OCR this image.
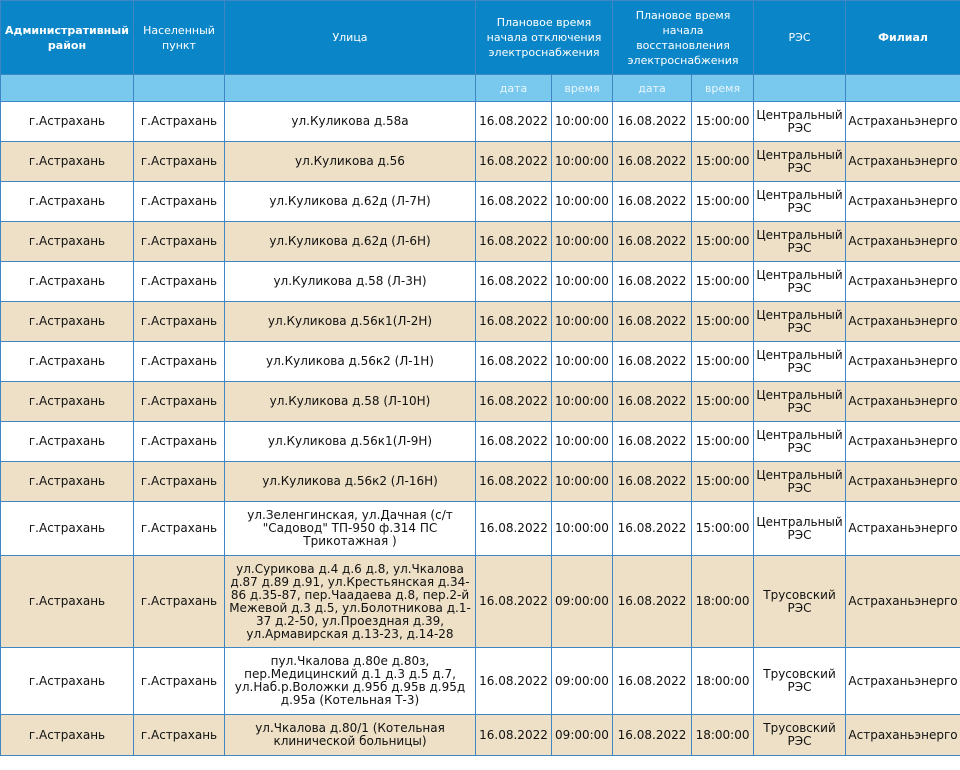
Административный район	Населенный пункт	Улица	Плановое время начала отключения электроснабжения		Плановое время начала восстановления электроснабжения		РЭС	Филиал
			дата	время	дата	время		
г.Астрахань	г.Астрахань	ул.Куликова д.58а	16.08.2022	10:00:00	16.08.2022	15:00:00	Центральный РЭС	Астраханьэнерго
г.Астрахань	г.Астрахань	ул.Куликова д.56	16.08.2022	10:00:00	16.08.2022	15:00:00	Центральный РЭС	Астраханьэнерго
г.Астрахань	г.Астрахань	ул.Куликова д.62д (Л-7Н)	16.08.2022	10:00:00	16.08.2022	15:00:00	Центральный РЭС	Астраханьэнерго
г.Астрахань	г.Астрахань	ул.Куликова д.62д (Л-6Н)	16.08.2022	10:00:00	16.08.2022	15:00:00	Центральный РЭС	Астраханьэнерго
г.Астрахань	г.Астрахань	ул.Куликова д.58 (Л-3Н)	16.08.2022	10:00:00	16.08.2022	15:00:00	Центральный РЭС	Астраханьэнерго
г.Астрахань	г.Астрахань	ул.Куликова д.56к1(Л-2Н)	16.08.2022	10:00:00	16.08.2022	15:00:00	Центральный РЭС	Астраханьэнерго
г.Астрахань	г.Астрахань	ул.Куликова д.56к2 (Л-1Н)	16.08.2022	10:00:00	16.08.2022	15:00:00	Центральный РЭС	Астраханьэнерго
г.Астрахань	г.Астрахань	ул.Куликова д.58 (Л-10Н)	16.08.2022	10:00:00	16.08.2022	15:00:00	Центральный РЭС	Астраханьэнерго
г.Астрахань	г.Астрахань	ул.Куликова д.56к1(Л-9Н)	16.08.2022	10:00:00	16.08.2022	15:00:00	Центральный РЭС	Астраханьэнерго
г.Астрахань	г.Астрахань	ул.Куликова д.56к2 (Л-16Н)	16.08.2022	10:00:00	16.08.2022	15:00:00	Центральный РЭС	Астраханьэнерго
г.Астрахань	г.Астрахань	ул.Зеленгинская, ул.Дачная (с/т "Садовод" ТП-950 ф.314 ПС Трикотажная )	16.08.2022	10:00:00	16.08.2022	15:00:00	Центральный РЭС	Астраханьэнерго
г.Астрахань	г.Астрахань	ул.Сурикова д.4 д.6 д.8, ул.Чкалова д.87 д.89 д.91, ул.Крестьянская д.34-86 д.35-87, пер.Чаадаева д.8, пер.2-й Межевой д.3 д.5, ул.Болотникова д.1-37 д.2-50, ул.Проездная д.39, ул.Армавирская д.13-23, д.14-28	16.08.2022	09:00:00	16.08.2022	18:00:00	Трусовский РЭС	Астраханьэнерго
г.Астрахань	г.Астрахань	пул.Чкалова д.80е д.80з, пер.Медицинский д.1 д.3 д.5 д.7, ул.Наб.р.Воложки д.95б д.95в д.95д д.95а (Котельная Т-3)	16.08.2022	09:00:00	16.08.2022	18:00:00	Трусовский РЭС	Астраханьэнерго
г.Астрахань	г.Астрахань	ул.Чкалова д.80/1 (Котельная клинической больницы)	16.08.2022	09:00:00	16.08.2022	18:00:00	Трусовский РЭС	Астраханьэнерго
